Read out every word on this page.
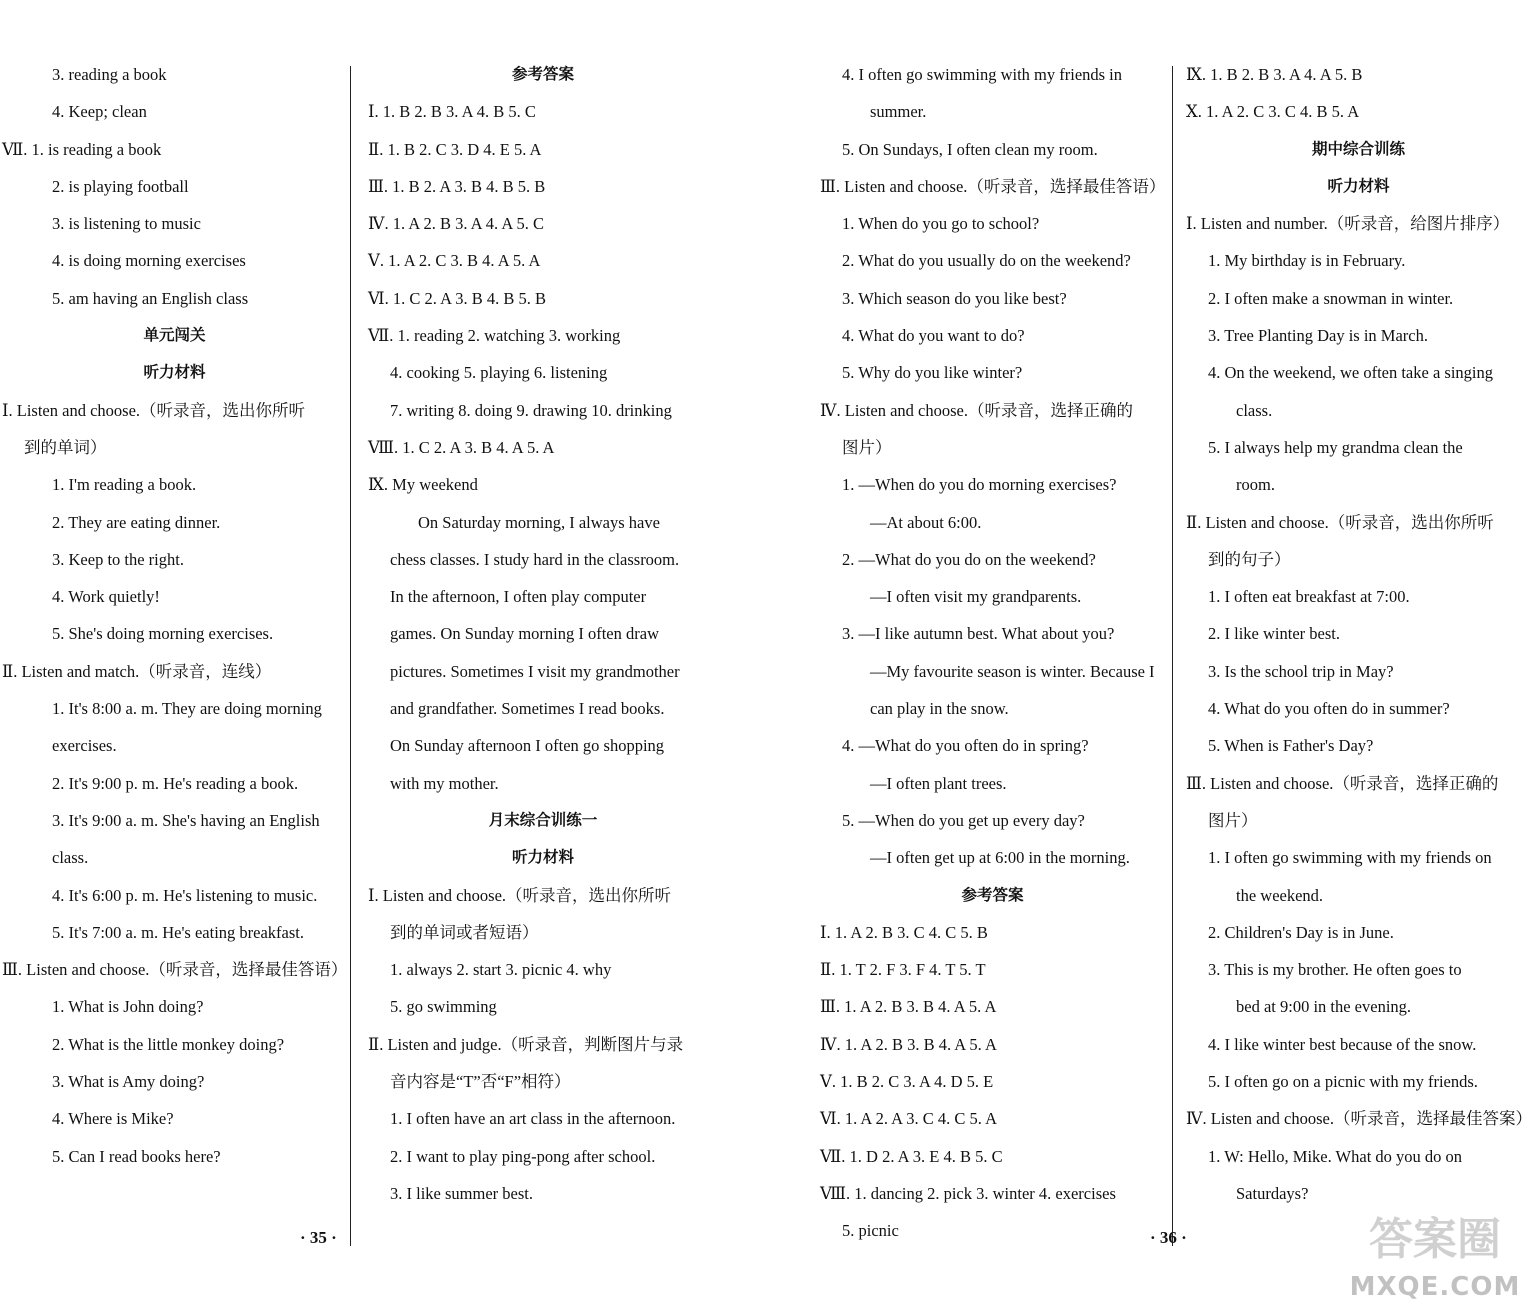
3. reading a book
4. Keep; clean
Ⅶ. 1. is reading a book
2. is playing football
3. is listening to music
4. is doing morning exercises
5. am having an English class
单元闯关
听力材料
Ⅰ. Listen and choose.（听录音，选出你所听
到的单词）
1. I'm reading a book.
2. They are eating dinner.
3. Keep to the right.
4. Work quietly!
5. She's doing morning exercises.
Ⅱ. Listen and match.（听录音，连线）
1. It's 8:00 a. m. They are doing morning
exercises.
2. It's 9:00 p. m. He's reading a book.
3. It's 9:00 a. m. She's having an English
class.
4. It's 6:00 p. m. He's listening to music.
5. It's 7:00 a. m. He's eating breakfast.
Ⅲ. Listen and choose.（听录音，选择最佳答语）
1. What is John doing?
2. What is the little monkey doing?
3. What is Amy doing?
4. Where is Mike?
5. Can I read books here?
参考答案
Ⅰ. 1. B 2. B 3. A 4. B 5. C
Ⅱ. 1. B 2. C 3. D 4. E 5. A
Ⅲ. 1. B 2. A 3. B 4. B 5. B
Ⅳ. 1. A 2. B 3. A 4. A 5. C
Ⅴ. 1. A 2. C 3. B 4. A 5. A
Ⅵ. 1. C 2. A 3. B 4. B 5. B
Ⅶ. 1. reading 2. watching 3. working
4. cooking 5. playing 6. listening
7. writing 8. doing 9. drawing 10. drinking
Ⅷ. 1. C 2. A 3. B 4. A 5. A
Ⅸ. My weekend
On Saturday morning, I always have
chess classes. I study hard in the classroom.
In the afternoon, I often play computer
games. On Sunday morning I often draw
pictures. Sometimes I visit my grandmother
and grandfather. Sometimes I read books.
On Sunday afternoon I often go shopping
with my mother.
月末综合训练一
听力材料
Ⅰ. Listen and choose.（听录音，选出你所听
到的单词或者短语）
1. always 2. start 3. picnic 4. why
5. go swimming
Ⅱ. Listen and judge.（听录音，判断图片与录
音内容是“T”否“F”相符）
1. I often have an art class in the afternoon.
2. I want to play ping-pong after school.
3. I like summer best.
4. I often go swimming with my friends in
summer.
5. On Sundays, I often clean my room.
Ⅲ. Listen and choose.（听录音，选择最佳答语）
1. When do you go to school?
2. What do you usually do on the weekend?
3. Which season do you like best?
4. What do you want to do?
5. Why do you like winter?
Ⅳ. Listen and choose.（听录音，选择正确的
图片）
1. —When do you do morning exercises?
—At about 6:00.
2. —What do you do on the weekend?
—I often visit my grandparents.
3. —I like autumn best. What about you?
—My favourite season is winter. Because I
can play in the snow.
4. —What do you often do in spring?
—I often plant trees.
5. —When do you get up every day?
—I often get up at 6:00 in the morning.
参考答案
Ⅰ. 1. A 2. B 3. C 4. C 5. B
Ⅱ. 1. T 2. F 3. F 4. T 5. T
Ⅲ. 1. A 2. B 3. B 4. A 5. A
Ⅳ. 1. A 2. B 3. B 4. A 5. A
Ⅴ. 1. B 2. C 3. A 4. D 5. E
Ⅵ. 1. A 2. A 3. C 4. C 5. A
Ⅶ. 1. D 2. A 3. E 4. B 5. C
Ⅷ. 1. dancing 2. pick 3. winter 4. exercises
5. picnic
Ⅸ. 1. B 2. B 3. A 4. A 5. B
Ⅹ. 1. A 2. C 3. C 4. B 5. A
期中综合训练
听力材料
Ⅰ. Listen and number.（听录音，给图片排序）
1. My birthday is in February.
2. I often make a snowman in winter.
3. Tree Planting Day is in March.
4. On the weekend, we often take a singing
class.
5. I always help my grandma clean the
room.
Ⅱ. Listen and choose.（听录音，选出你所听
到的句子）
1. I often eat breakfast at 7:00.
2. I like winter best.
3. Is the school trip in May?
4. What do you often do in summer?
5. When is Father's Day?
Ⅲ. Listen and choose.（听录音，选择正确的
图片）
1. I often go swimming with my friends on
the weekend.
2. Children's Day is in June.
3. This is my brother. He often goes to
bed at 9:00 in the evening.
4. I like winter best because of the snow.
5. I often go on a picnic with my friends.
Ⅳ. Listen and choose.（听录音，选择最佳答案）
1. W: Hello, Mike. What do you do on
Saturdays?
· 35 ·	· 36 ·	答案圈
MXQE.COM
